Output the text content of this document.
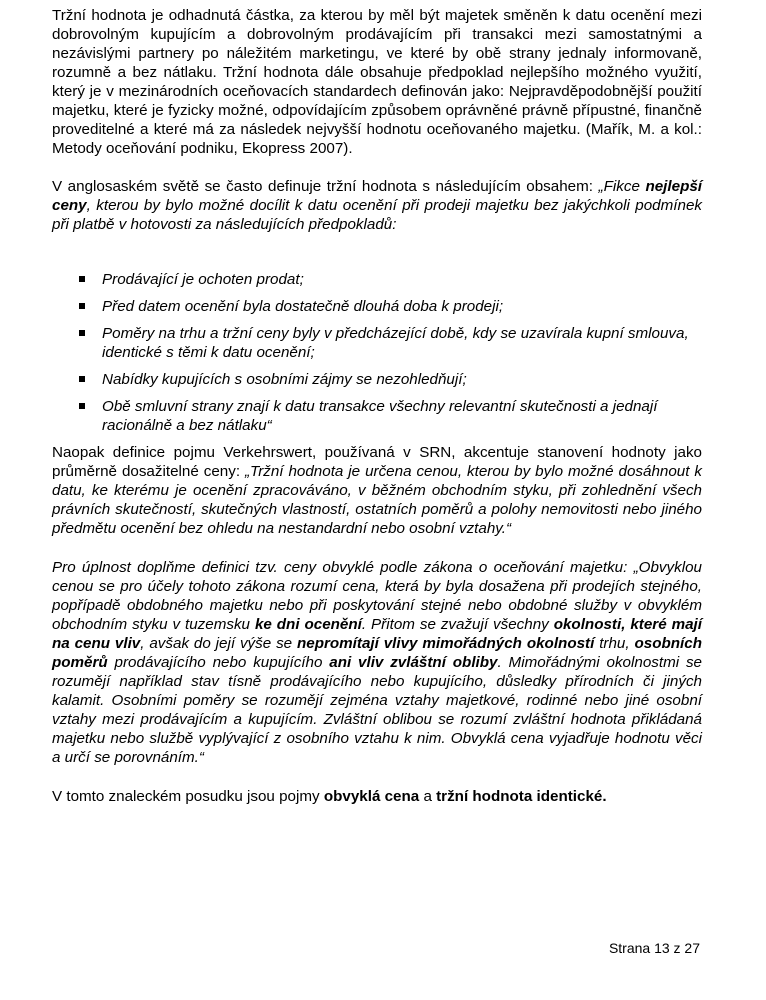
Tržní hodnota je odhadnutá částka, za kterou by měl být majetek směněn k datu ocenění mezi dobrovolným kupujícím a dobrovolným prodávajícím při transakci mezi samostatnými a nezávislými partnery po náležitém marketingu, ve které by obě strany jednaly informovaně, rozumně a bez nátlaku. Tržní hodnota dále obsahuje předpoklad nejlepšího možného využití, který je v mezinárodních oceňovacích standardech definován jako: Nejpravděpodobnější použití majetku, které je fyzicky možné, odpovídajícím způsobem oprávněné právně přípustné, finančně proveditelné a které má za následek nejvyšší hodnotu oceňovaného majetku. (Mařík, M. a kol.: Metody oceňování podniku, Ekopress 2007).

V anglosaském světě se často definuje tržní hodnota s následujícím obsahem: „Fikce nejlepší ceny, kterou by bylo možné docílit k datu ocenění při prodeji majetku bez jakýchkoli podmínek při platbě v hotovosti za následujících předpokladů:

Prodávající je ochoten prodat;
Před datem ocenění byla dostatečně dlouhá doba k prodeji;
Poměry na trhu a tržní ceny byly v předcházející době, kdy se uzavírala kupní smlouva, identické s těmi k datu ocenění;
Nabídky kupujících s osobními zájmy se nezohledňují;
Obě smluvní strany znají k datu transakce všechny relevantní skutečnosti a jednají racionálně a bez nátlaku“

Naopak definice pojmu Verkehrswert, používaná v SRN, akcentuje stanovení hodnoty jako průměrně dosažitelné ceny: „Tržní hodnota je určena cenou, kterou by bylo možné dosáhnout k datu, ke kterému je ocenění zpracováváno, v běžném obchodním styku, při zohlednění všech právních skutečností, skutečných vlastností, ostatních poměrů a polohy nemovitosti nebo jiného předmětu ocenění bez ohledu na nestandardní nebo osobní vztahy.“

Pro úplnost doplňme definici tzv. ceny obvyklé podle zákona o oceňování majetku: „Obvyklou cenou se pro účely tohoto zákona rozumí cena, která by byla dosažena při prodejích stejného, popřípadě obdobného majetku nebo při poskytování stejné nebo obdobné služby v obvyklém obchodním styku v tuzemsku ke dni ocenění. Přitom se zvažují všechny okolnosti, které mají na cenu vliv, avšak do její výše se nepromítají vlivy mimořádných okolností trhu, osobních poměrů prodávajícího nebo kupujícího ani vliv zvláštní obliby. Mimořádnými okolnostmi se rozumějí například stav tísně prodávajícího nebo kupujícího, důsledky přírodních či jiných kalamit. Osobními poměry se rozumějí zejména vztahy majetkové, rodinné nebo jiné osobní vztahy mezi prodávajícím a kupujícím. Zvláštní oblibou se rozumí zvláštní hodnota přikládaná majetku nebo službě vyplývající z osobního vztahu k nim. Obvyklá cena vyjadřuje hodnotu věci a určí se porovnáním.“

V tomto znaleckém posudku jsou pojmy obvyklá cena a tržní hodnota identické.

Strana 13 z 27
